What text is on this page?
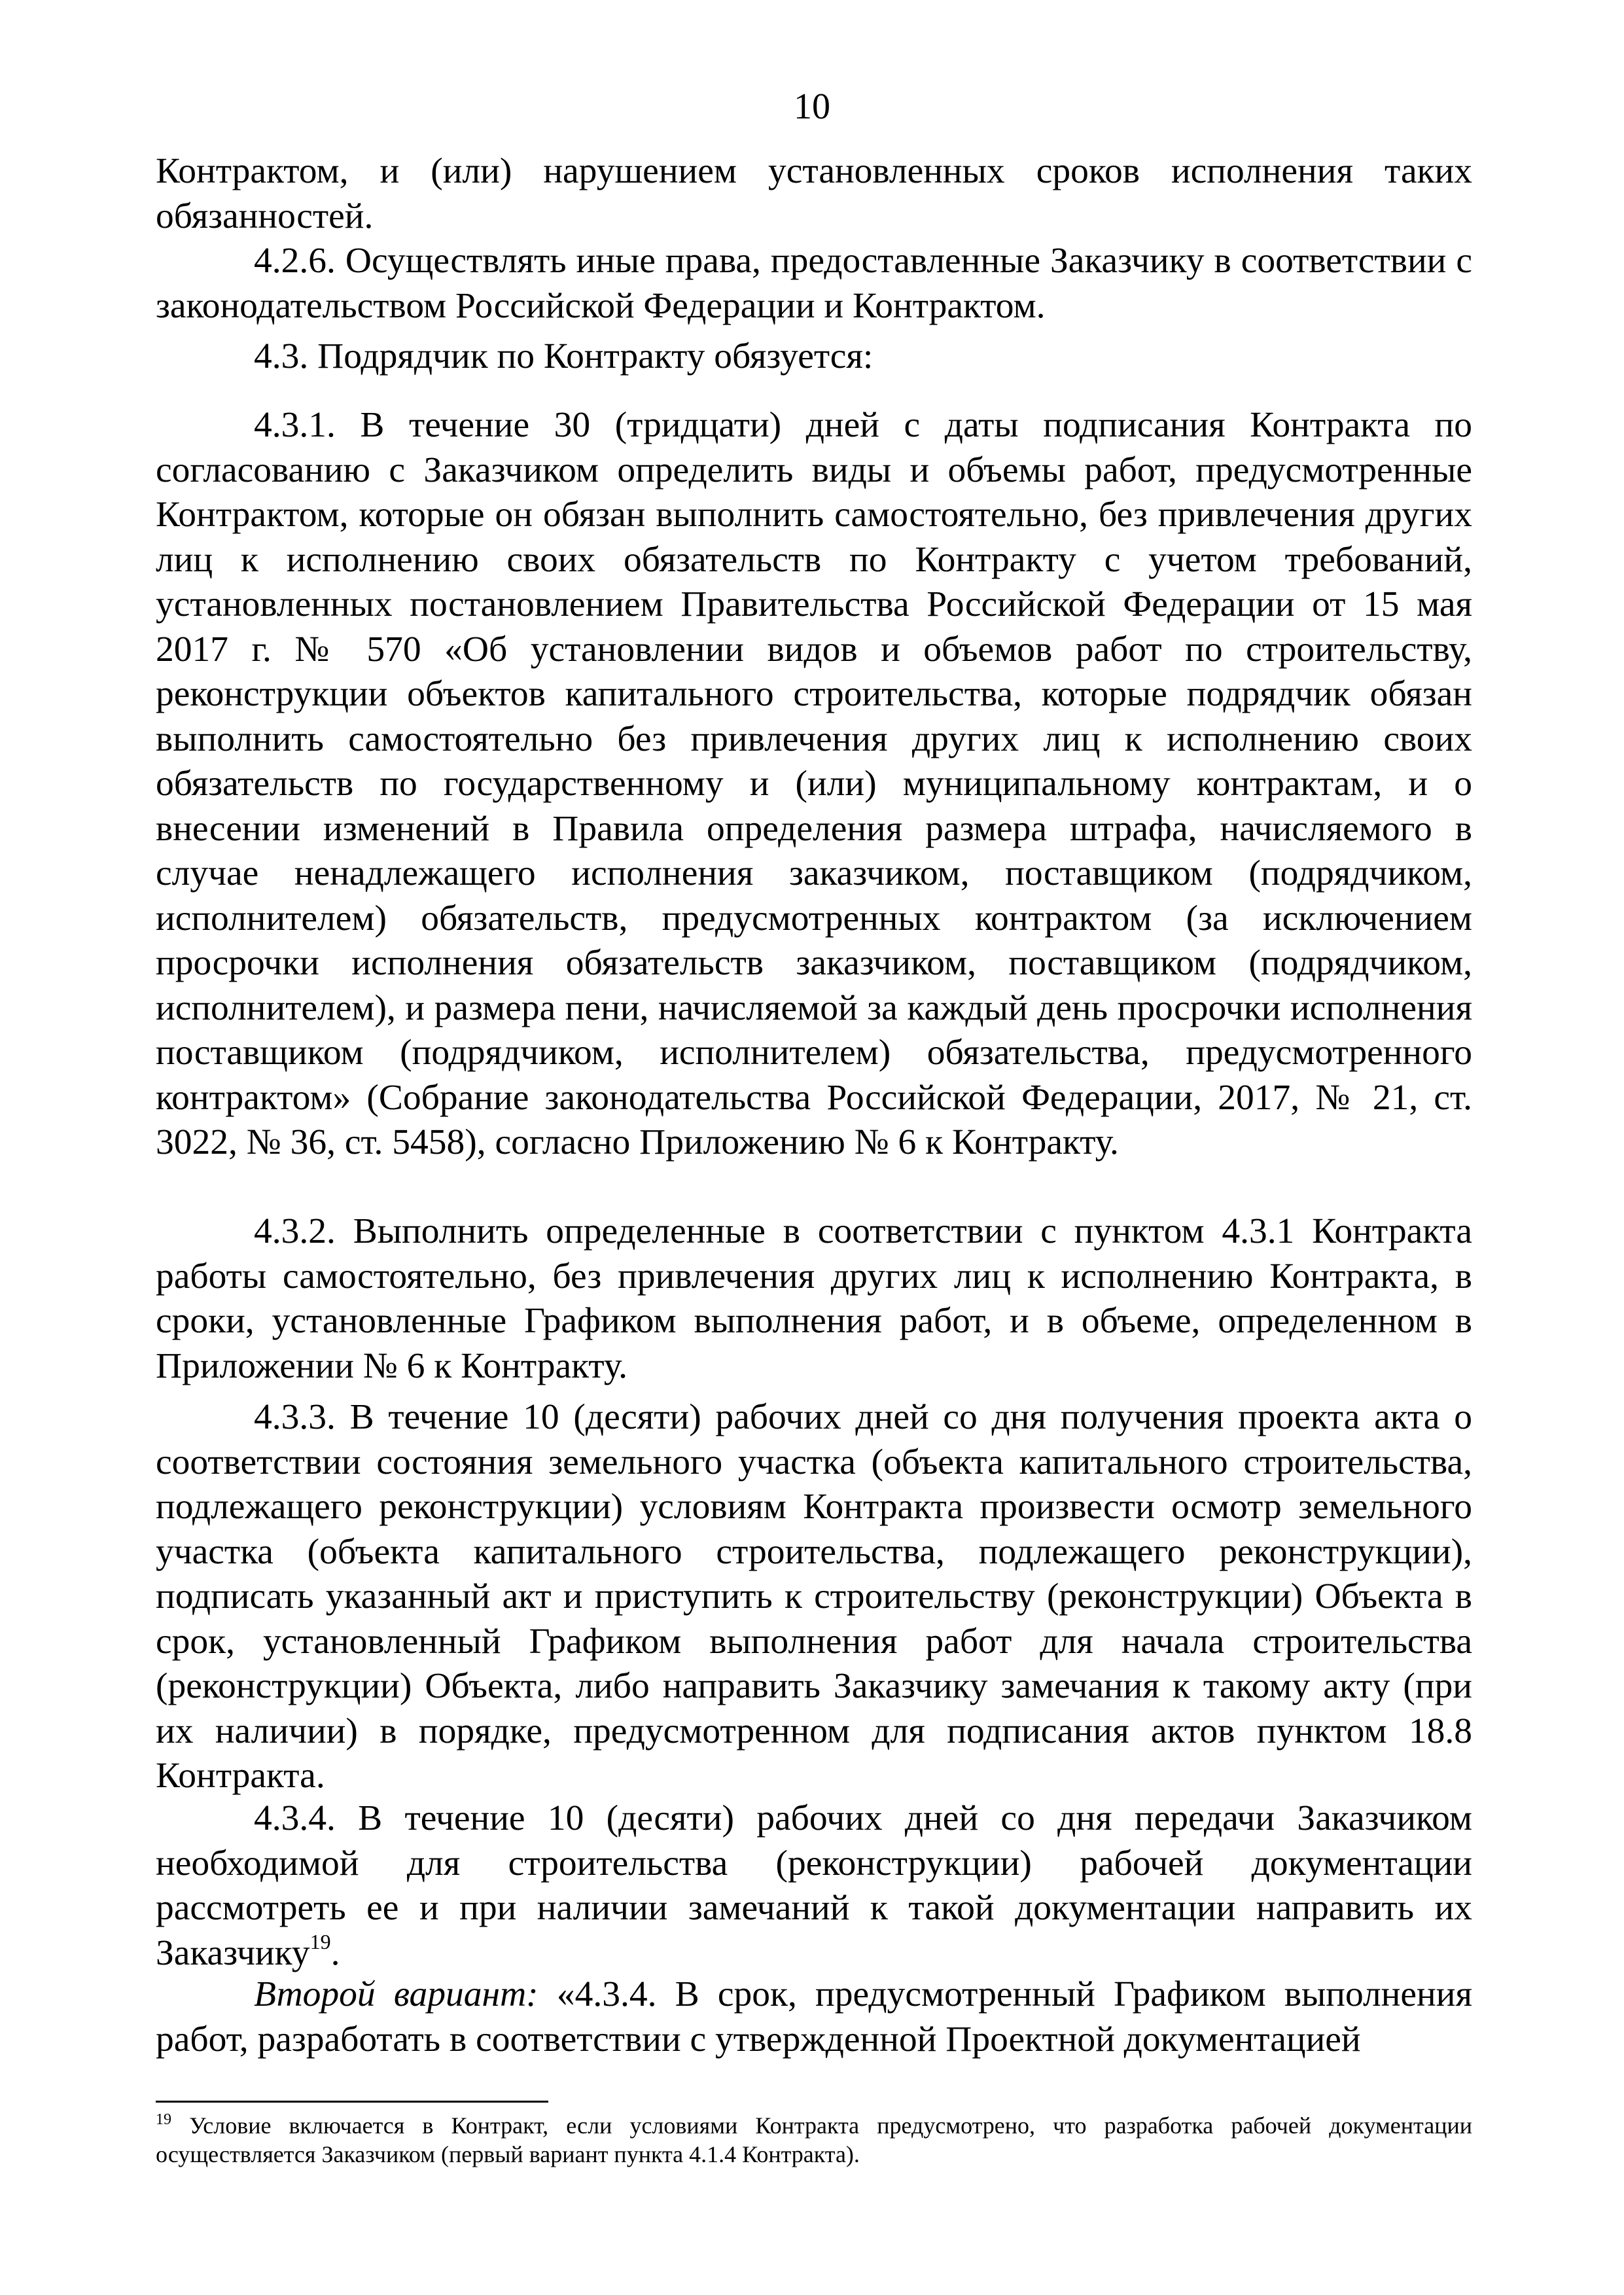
10

Контрактом, и (или) нарушением установленных сроков исполнения таких обязанностей.

4.2.6. Осуществлять иные права, предоставленные Заказчику в соответствии с законодательством Российской Федерации и Контрактом.

4.3. Подрядчик по Контракту обязуется:

4.3.1. В течение 30 (тридцати) дней с даты подписания Контракта по согласованию с Заказчиком определить виды и объемы работ, предусмотренные Контрактом, которые он обязан выполнить самостоятельно, без привлечения других лиц к исполнению своих обязательств по Контракту с учетом требований, установленных постановлением Правительства Российской Федерации от 15 мая 2017 г. № 570 «Об установлении видов и объемов работ по строительству, реконструкции объектов капитального строительства, которые подрядчик обязан выполнить самостоятельно без привлечения других лиц к исполнению своих обязательств по государственному и (или) муниципальному контрактам, и о внесении изменений в Правила определения размера штрафа, начисляемого в случае ненадлежащего исполнения заказчиком, поставщиком (подрядчиком, исполнителем) обязательств, предусмотренных контрактом (за исключением просрочки исполнения обязательств заказчиком, поставщиком (подрядчиком, исполнителем), и размера пени, начисляемой за каждый день просрочки исполнения поставщиком (подрядчиком, исполнителем) обязательства, предусмотренного контрактом» (Собрание законодательства Российской Федерации, 2017, № 21, ст. 3022, № 36, ст. 5458), согласно Приложению № 6 к Контракту.

4.3.2. Выполнить определенные в соответствии с пунктом 4.3.1 Контракта работы самостоятельно, без привлечения других лиц к исполнению Контракта, в сроки, установленные Графиком выполнения работ, и в объеме, определенном в Приложении № 6 к Контракту.

4.3.3. В течение 10 (десяти) рабочих дней со дня получения проекта акта о соответствии состояния земельного участка (объекта капитального строительства, подлежащего реконструкции) условиям Контракта произвести осмотр земельного участка (объекта капитального строительства, подлежащего реконструкции), подписать указанный акт и приступить к строительству (реконструкции) Объекта в срок, установленный Графиком выполнения работ для начала строительства (реконструкции) Объекта, либо направить Заказчику замечания к такому акту (при их наличии) в порядке, предусмотренном для подписания актов пунктом 18.8 Контракта.

4.3.4. В течение 10 (десяти) рабочих дней со дня передачи Заказчиком необходимой для строительства (реконструкции) рабочей документации рассмотреть ее и при наличии замечаний к такой документации направить их Заказчику$^{19}$.

Второй вариант: «4.3.4. В срок, предусмотренный Графиком выполнения работ, разработать в соответствии с утвержденной Проектной документацией

$^{19}$ Условие включается в Контракт, если условиями Контракта предусмотрено, что разработка рабочей документации осуществляется Заказчиком (первый вариант пункта 4.1.4 Контракта).
